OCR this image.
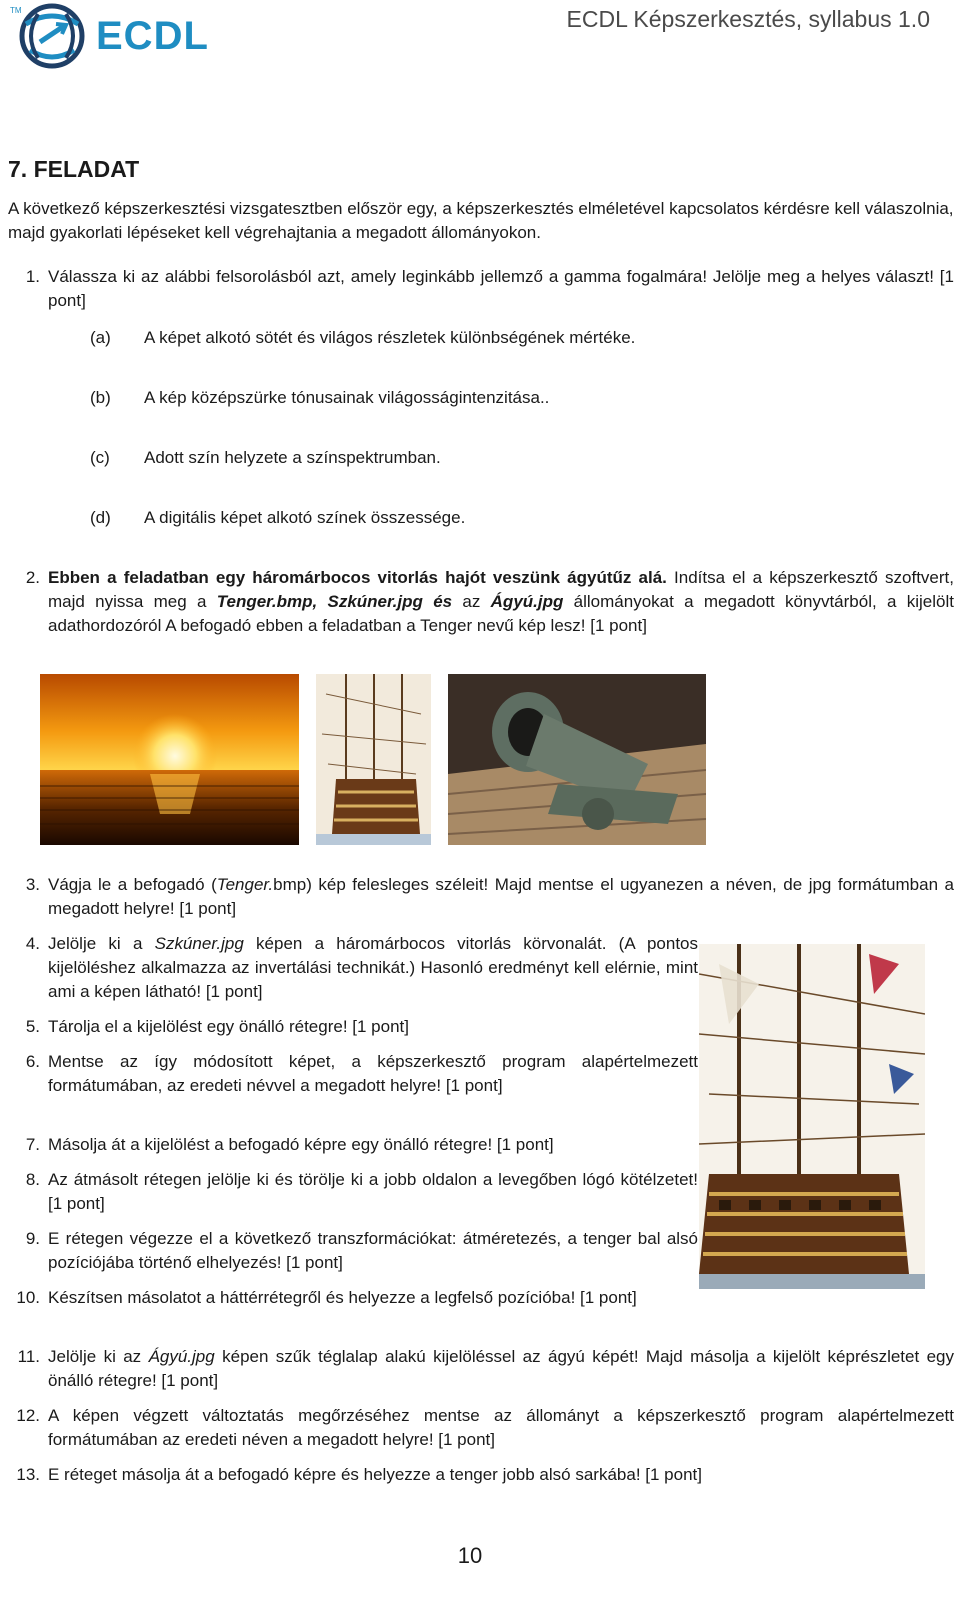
TM
ECDL	ECDL Képszerkesztés, syllabus 1.0
7. FELADAT
A következő képszerkesztési vizsgatesztben először egy, a képszerkesztés elméletével kapcsolatos kérdésre kell válaszolnia, majd gyakorlati lépéseket kell végrehajtania a megadott állományokon.
1. Válassza ki az alábbi felsorolásból azt, amely leginkább jellemző a gamma fogalmára! Jelölje meg a helyes választ! [1 pont]
(a) A képet alkotó sötét és világos részletek különbségének mértéke.
(b) A kép középszürke tónusainak világosságintenzitása..
(c) Adott szín helyzete a színspektrumban.
(d) A digitális képet alkotó színek összessége.
2. Ebben a feladatban egy háromárbocos vitorlás hajót veszünk ágyútűz alá. Indítsa el a képszerkesztő szoftvert, majd nyissa meg a Tenger.bmp, Szkúner.jpg és az Ágyú.jpg állományokat a megadott könyvtárból, a kijelölt adathordozóról A befogadó ebben a feladatban a Tenger nevű kép lesz! [1 pont]
3. Vágja le a befogadó (Tenger.bmp) kép felesleges széleit! Majd mentse el ugyanezen a néven, de jpg formátumban a megadott helyre! [1 pont]
4. Jelölje ki a Szkúner.jpg képen a háromárbocos vitorlás körvonalát. (A pontos kijelöléshez alkalmazza az invertálási technikát.) Hasonló eredményt kell elérnie, mint ami a képen látható! [1 pont]
5. Tárolja el a kijelölést egy önálló rétegre! [1 pont]
6. Mentse az így módosított képet, a képszerkesztő program alapértelmezett formátumában, az eredeti névvel a megadott helyre! [1 pont]
7. Másolja át a kijelölést a befogadó képre egy önálló rétegre! [1 pont]
8. Az átmásolt rétegen jelölje ki és törölje ki a jobb oldalon a levegőben lógó kötélzetet! [1 pont]
9. E rétegen végezze el a következő transzformációkat: átméretezés, a tenger bal alsó pozíciójába történő elhelyezés! [1 pont]
10. Készítsen másolatot a háttérrétegről és helyezze a legfelső pozícióba! [1 pont]
11. Jelölje ki az Ágyú.jpg képen szűk téglalap alakú kijelöléssel az ágyú képét! Majd másolja a kijelölt képrészletet egy önálló rétegre! [1 pont]
12. A képen végzett változtatás megőrzéséhez mentse az állományt a képszerkesztő program alapértelmezett formátumában az eredeti néven a megadott helyre! [1 pont]
13. E réteget másolja át a befogadó képre és helyezze a tenger jobb alsó sarkába! [1 pont]
10
